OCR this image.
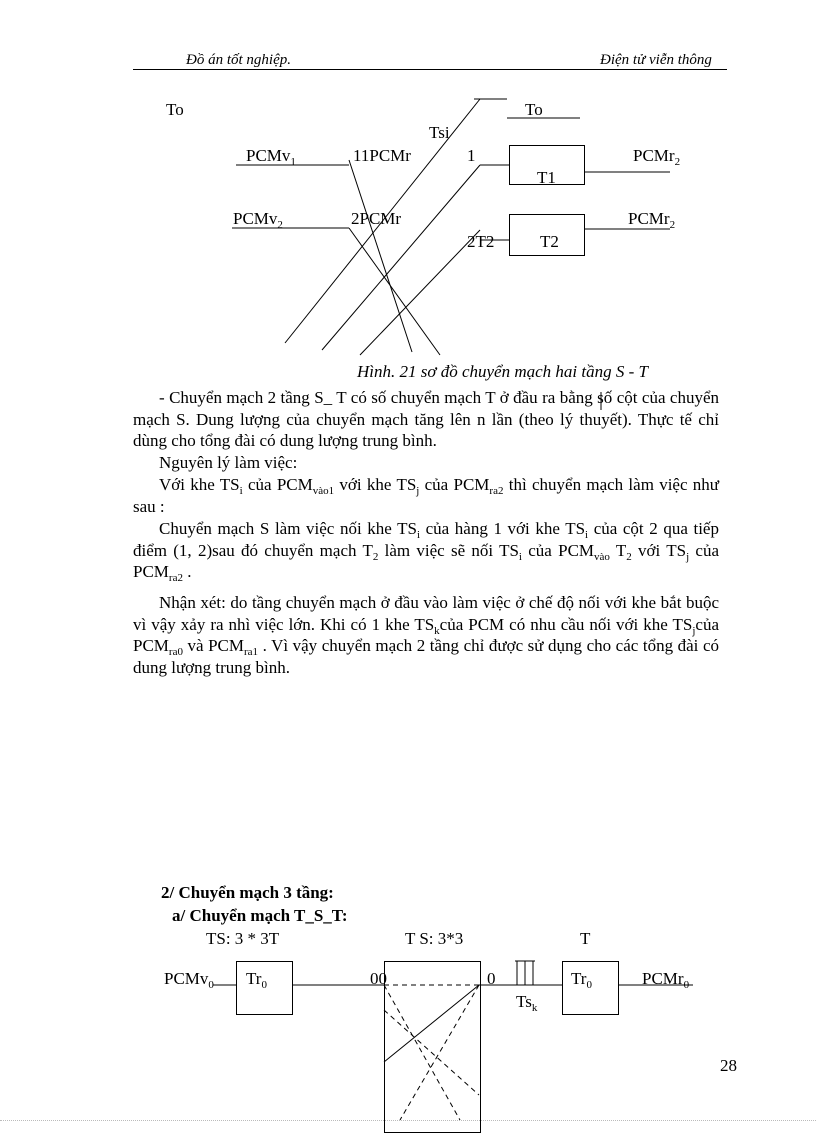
Đồ án tốt nghiệp.	Điện tử viễn thông
To	To
Tsi
PCMv$_1$	11PCMr	1
T1
PCMr$_2$
PCMv$_2$	2PCMr	PCMr$_2$
2T2	T2
Hình. 21 sơ đồ chuyển mạch hai tầng S - T

- Chuyển mạch 2 tầng S_ T có số chuyển mạch T ở đầu ra bằng số cột của chuyển mạch S. Dung lượng của chuyển mạch tăng lên n lần (theo lý thuyết). Thực tế chỉ dùng cho tổng đài có dung lượng trung bình.

Nguyên lý làm việc:

Với khe $TS_i$ của $PCM_{vào1}$ với khe $TS_j$ của $PCM_{ra2}$ thì chuyển mạch làm việc như sau :

Chuyển mạch S làm việc nối khe $TS_i$ của hàng 1 với khe $TS_i$ của cột 2 qua tiếp điểm (1, 2)sau đó chuyển mạch $T_2$ làm việc sẽ nối $TS_i$ của $PCM_{vào}$ $T_2$ với $TS_j$ của $PCM_{ra2}$ .

Nhận xét: do tầng chuyển mạch ở đầu vào làm việc ở chế độ nối với khe bắt buộc vì vậy xảy ra nhì việc lớn. Khi có 1 khe $TS_kcủa$ PCM có nhu cầu nối với khe $TS_jcủa$ $PCM_{ra0}$ và $PCM_{ra1}$ . Vì vậy chuyển mạch 2 tầng chỉ được sử dụng cho các tổng đài có dung lượng trung bình.

2/ Chuyển mạch 3 tầng:
a/ Chuyển mạch T_S_T:
TS: 3 * 3T	T S: 3*3	T
PCMv$_0$ $Tr_0$	00	0
$Ts_k$
$Tr_0$	PCMr$_0$
28
